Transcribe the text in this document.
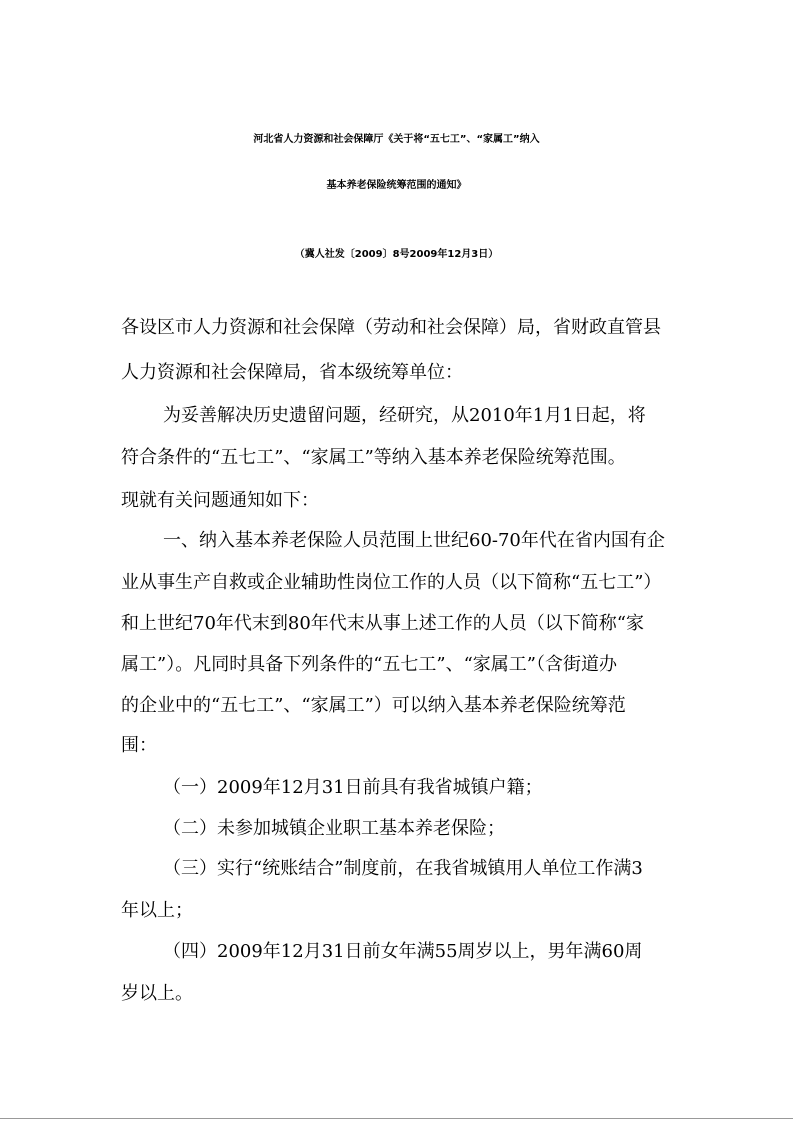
河北省人力资源和社会保障厅《关于将“五七工”、“家属工”纳入
基本养老保险统筹范围的通知》
（冀人社发〔2009〕8号2009年12月3日）
各设区市人力资源和社会保障（劳动和社会保障）局，省财政直管县
人力资源和社会保障局，省本级统筹单位：
为妥善解决历史遗留问题，经研究，从2010年1月1日起，将
符合条件的“五七工”、“家属工”等纳入基本养老保险统筹范围。
现就有关问题通知如下：
一、纳入基本养老保险人员范围上世纪60-70年代在省内国有企
业从事生产自救或企业辅助性岗位工作的人员（以下简称“五七工”）
和上世纪70年代末到80年代末从事上述工作的人员（以下简称“家
属工”）。凡同时具备下列条件的“五七工”、“家属工”（含街道办
的企业中的“五七工”、“家属工”）可以纳入基本养老保险统筹范
围：
（一）2009年12月31日前具有我省城镇户籍；
（二）未参加城镇企业职工基本养老保险；
（三）实行“统账结合”制度前，在我省城镇用人单位工作满3
年以上；
（四）2009年12月31日前女年满55周岁以上，男年满60周
岁以上。
